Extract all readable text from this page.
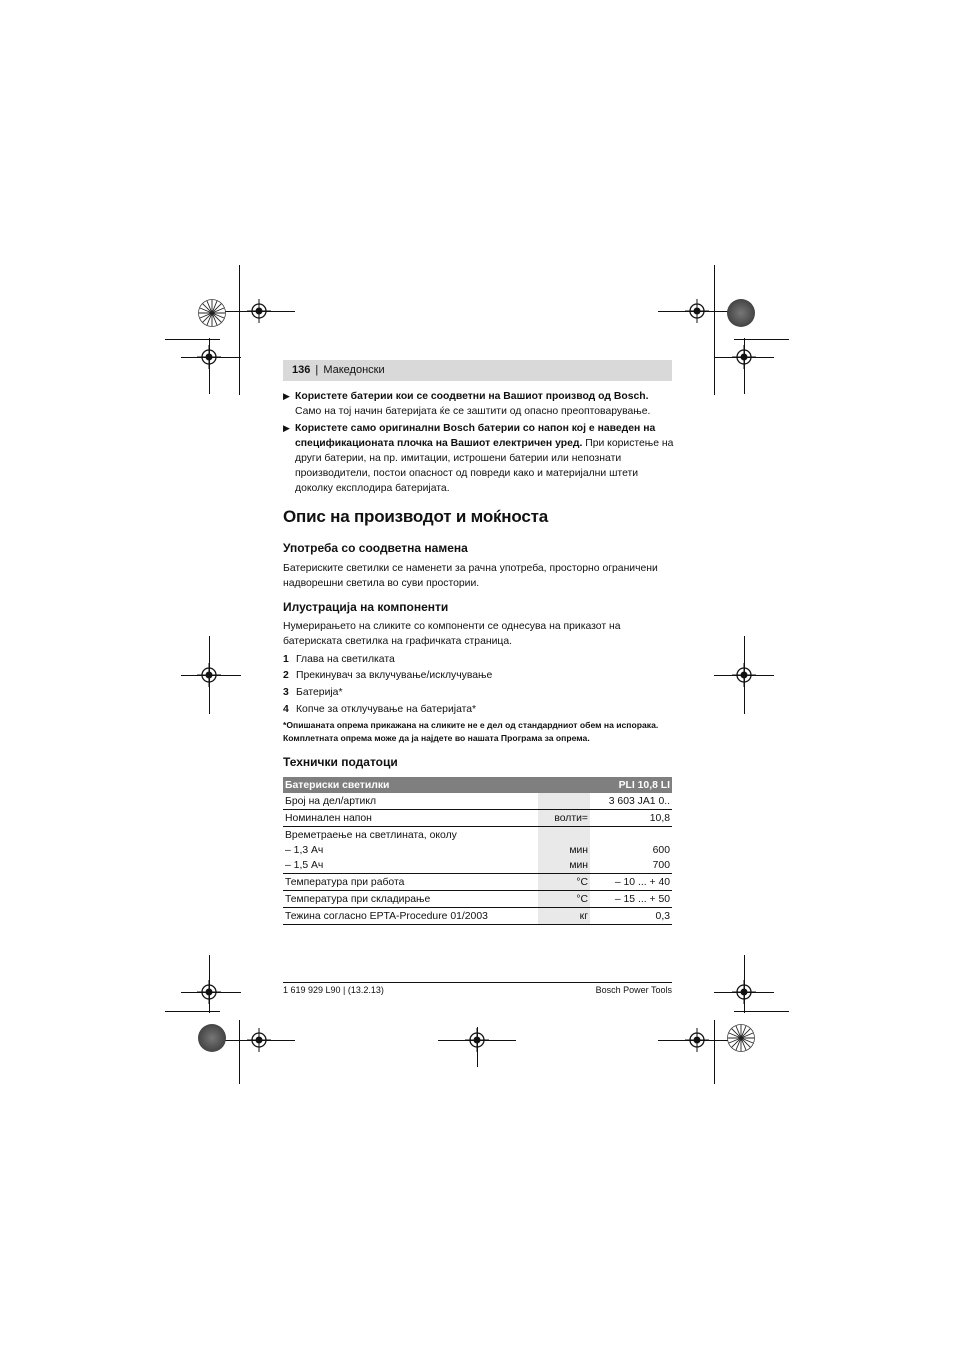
136 | Македонски
▶ Користете батерии кои се соодветни на Вашиот производ од Bosch. Само на тој начин батеријата ќе се заштити од опасно преоптоварување.
▶ Користете само оригинални Bosch батерии со напон кој е наведен на спецификационата плочка на Вашиот електричен уред. При користење на други батерии, на пр. имитации, истрошени батерии или непознати производители, постои опасност од повреди како и материјални штети доколку експлодира батеријата.
Опис на производот и моќноста
Употреба со соодветна намена
Батериските светилки се наменети за рачна употреба, просторно ограничени надворешни светила во суви простории.
Илустрација на компоненти
Нумерирањето на сликите со компоненти се однесува на приказот на батериската светилка на графичката страница.
1 Глава на светилката
2 Прекинувач за вклучување/исклучување
3 Батерија*
4 Копче за отклучување на батеријата*
*Опишаната опрема прикажана на сликите не е дел од стандардниот обем на испорака.
Комплетната опрема може да ја најдете во нашата Програма за опрема.
Технички податоци
Батериски светилки		PLI 10,8 LI
Број на дел/артикл		3 603 JA1 0..
Номинален напон	волти=	10,8
Времетраење на светлината, околу		
– 1,3 Ач	мин	600
– 1,5 Ач	мин	700
Температура при работа	°C	– 10 ... + 40
Температура при складирање	°C	– 15 ... + 50
Тежина согласно EPTA-Procedure 01/2003	кг	0,3
1 619 929 L90 | (13.2.13)	Bosch Power Tools
